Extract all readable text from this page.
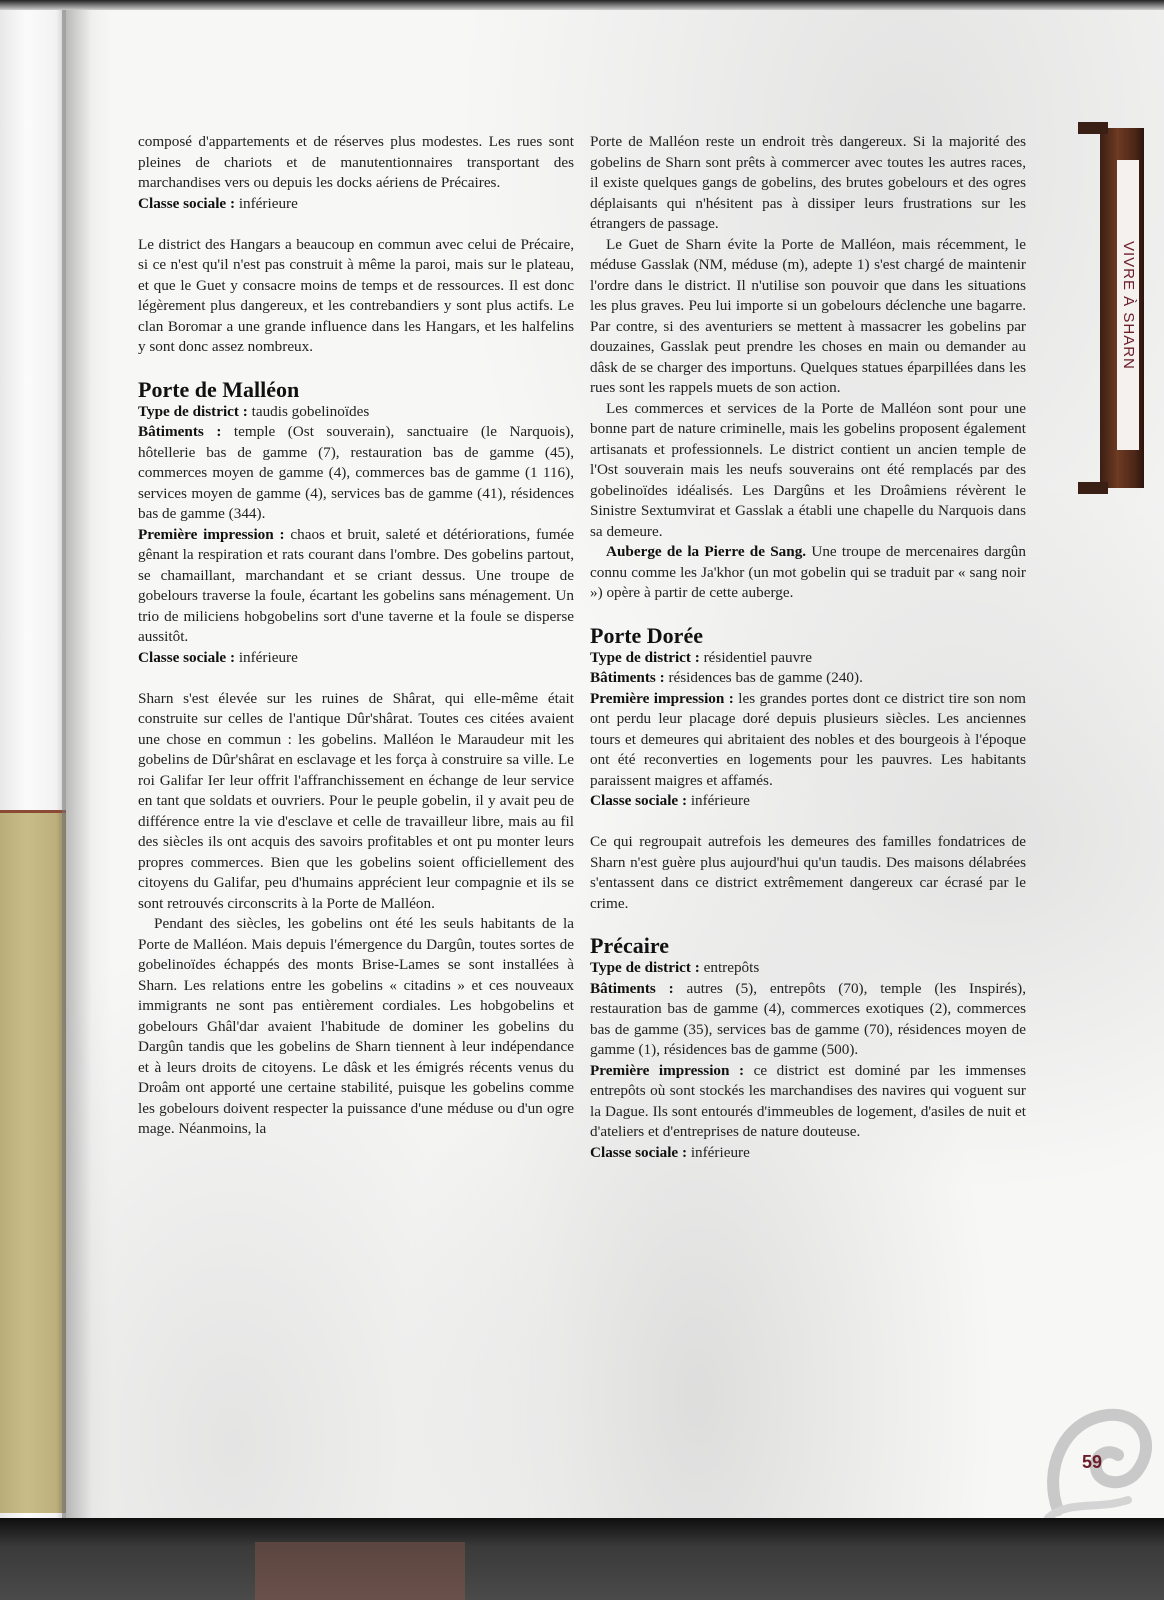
composé d'appartements et de réserves plus modestes. Les rues sont pleines de chariots et de manutentionnaires transportant des marchandises vers ou depuis les docks aériens de Précaires.

Classe sociale : inférieure

Le district des Hangars a beaucoup en commun avec celui de Précaire, si ce n'est qu'il n'est pas construit à même la paroi, mais sur le plateau, et que le Guet y consacre moins de temps et de ressources. Il est donc légèrement plus dangereux, et les contrebandiers y sont plus actifs. Le clan Boromar a une grande influence dans les Hangars, et les halfelins y sont donc assez nombreux.

Porte de Malléon

Type de district : taudis gobelinoïdes

Bâtiments : temple (Ost souverain), sanctuaire (le Narquois), hôtellerie bas de gamme (7), restauration bas de gamme (45), commerces moyen de gamme (4), commerces bas de gamme (1 116), services moyen de gamme (4), services bas de gamme (41), résidences bas de gamme (344).

Première impression : chaos et bruit, saleté et détériorations, fumée gênant la respiration et rats courant dans l'ombre. Des gobelins partout, se chamaillant, marchandant et se criant dessus. Une troupe de gobelours traverse la foule, écartant les gobelins sans ménagement. Un trio de miliciens hobgobelins sort d'une taverne et la foule se disperse aussitôt.

Classe sociale : inférieure

Sharn s'est élevée sur les ruines de Shârat, qui elle-même était construite sur celles de l'antique Dûr'shârat. Toutes ces citées avaient une chose en commun : les gobelins. Malléon le Maraudeur mit les gobelins de Dûr'shârat en esclavage et les força à construire sa ville. Le roi Galifar Ier leur offrit l'affranchissement en échange de leur service en tant que soldats et ouvriers. Pour le peuple gobelin, il y avait peu de différence entre la vie d'esclave et celle de travailleur libre, mais au fil des siècles ils ont acquis des savoirs profitables et ont pu monter leurs propres commerces. Bien que les gobelins soient officiellement des citoyens du Galifar, peu d'humains apprécient leur compagnie et ils se sont retrouvés circonscrits à la Porte de Malléon.

Pendant des siècles, les gobelins ont été les seuls habitants de la Porte de Malléon. Mais depuis l'émergence du Dargûn, toutes sortes de gobelinoïdes échappés des monts Brise-Lames se sont installées à Sharn. Les relations entre les gobelins « citadins » et ces nouveaux immigrants ne sont pas entièrement cordiales. Les hobgobelins et gobelours Ghâl'dar avaient l'habitude de dominer les gobelins du Dargûn tandis que les gobelins de Sharn tiennent à leur indépendance et à leurs droits de citoyens. Le dâsk et les émigrés récents venus du Droâm ont apporté une certaine stabilité, puisque les gobelins comme les gobelours doivent respecter la puissance d'une méduse ou d'un ogre mage. Néanmoins, la

Porte de Malléon reste un endroit très dangereux. Si la majorité des gobelins de Sharn sont prêts à commercer avec toutes les autres races, il existe quelques gangs de gobelins, des brutes gobelours et des ogres déplaisants qui n'hésitent pas à dissiper leurs frustrations sur les étrangers de passage.

Le Guet de Sharn évite la Porte de Malléon, mais récemment, le méduse Gasslak (NM, méduse (m), adepte 1) s'est chargé de maintenir l'ordre dans le district. Il n'utilise son pouvoir que dans les situations les plus graves. Peu lui importe si un gobelours déclenche une bagarre. Par contre, si des aventuriers se mettent à massacrer les gobelins par douzaines, Gasslak peut prendre les choses en main ou demander au dâsk de se charger des importuns. Quelques statues éparpillées dans les rues sont les rappels muets de son action.

Les commerces et services de la Porte de Malléon sont pour une bonne part de nature criminelle, mais les gobelins proposent également artisanats et professionnels. Le district contient un ancien temple de l'Ost souverain mais les neufs souverains ont été remplacés par des gobelinoïdes idéalisés. Les Dargûns et les Droâmiens révèrent le Sinistre Sextumvirat et Gasslak a établi une chapelle du Narquois dans sa demeure.

Auberge de la Pierre de Sang. Une troupe de mercenaires dargûn connu comme les Ja'khor (un mot gobelin qui se traduit par « sang noir ») opère à partir de cette auberge.

Porte Dorée

Type de district : résidentiel pauvre

Bâtiments : résidences bas de gamme (240).

Première impression : les grandes portes dont ce district tire son nom ont perdu leur placage doré depuis plusieurs siècles. Les anciennes tours et demeures qui abritaient des nobles et des bourgeois à l'époque ont été reconverties en logements pour les pauvres. Les habitants paraissent maigres et affamés.

Classe sociale : inférieure

Ce qui regroupait autrefois les demeures des familles fondatrices de Sharn n'est guère plus aujourd'hui qu'un taudis. Des maisons délabrées s'entassent dans ce district extrêmement dangereux car écrasé par le crime.

Précaire

Type de district : entrepôts

Bâtiments : autres (5), entrepôts (70), temple (les Inspirés), restauration bas de gamme (4), commerces exotiques (2), commerces bas de gamme (35), services bas de gamme (70), résidences moyen de gamme (1), résidences bas de gamme (500).

Première impression : ce district est dominé par les immenses entrepôts où sont stockés les marchandises des navires qui voguent sur la Dague. Ils sont entourés d'immeubles de logement, d'asiles de nuit et d'ateliers et d'entreprises de nature douteuse.

Classe sociale : inférieure

VIVRE À SHARN
59
